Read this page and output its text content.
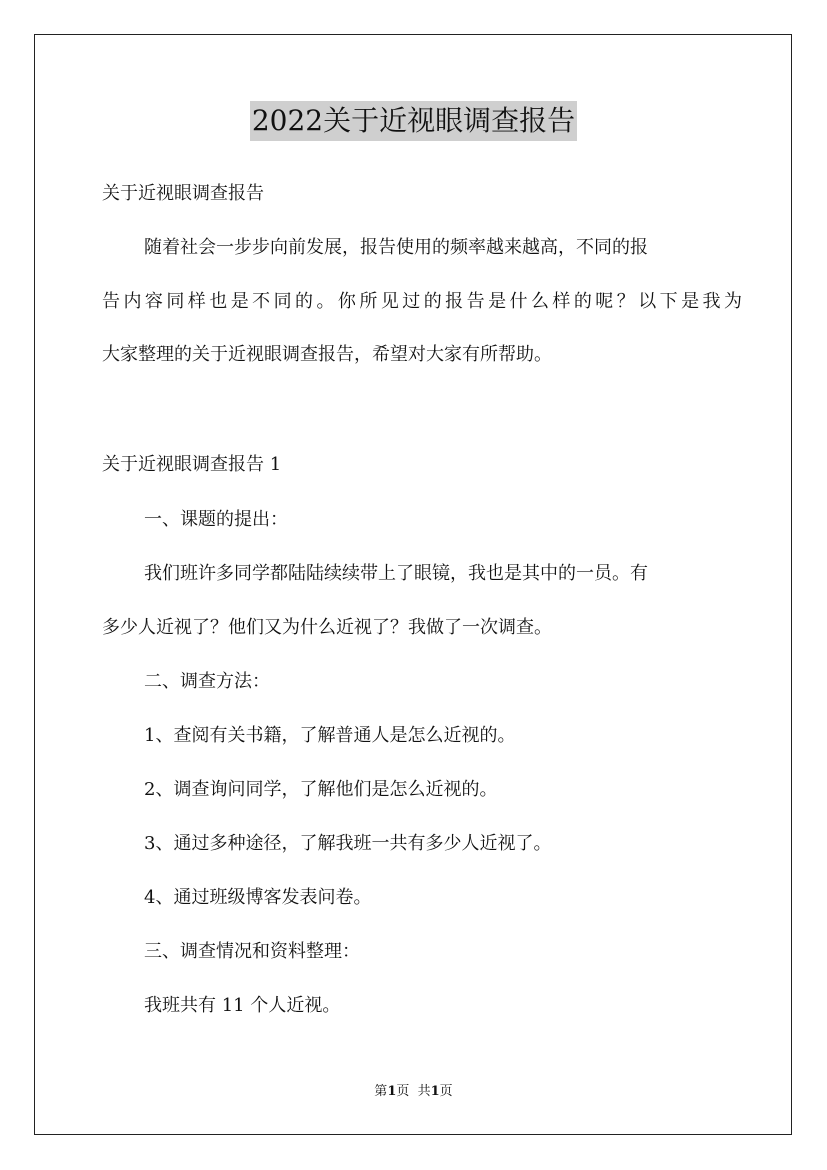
2022关于近视眼调查报告

关于近视眼调查报告

随着社会一步步向前发展，报告使用的频率越来越高，不同的报

告内容同样也是不同的。你所见过的报告是什么样的呢？以下是我为

大家整理的关于近视眼调查报告，希望对大家有所帮助。

关于近视眼调查报告 1

一、课题的提出：

我们班许多同学都陆陆续续带上了眼镜，我也是其中的一员。有

多少人近视了？他们又为什么近视了？我做了一次调查。

二、调查方法：

1、查阅有关书籍，了解普通人是怎么近视的。

2、调查询问同学，了解他们是怎么近视的。

3、通过多种途径，了解我班一共有多少人近视了。

4、通过班级博客发表问卷。

三、调查情况和资料整理：

我班共有 11 个人近视。

第1页  共1页
